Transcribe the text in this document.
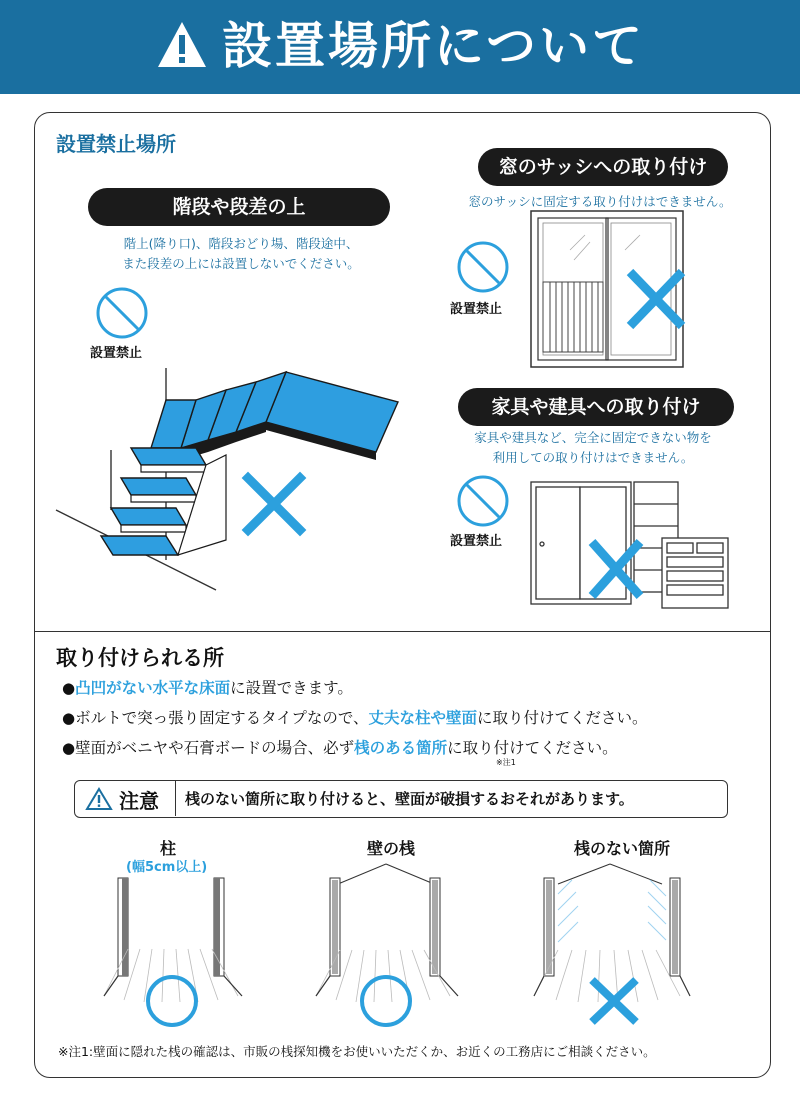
設置場所について
設置禁止場所
階段や段差の上
階上(降り口)、階段おどり場、階段途中、
また段差の上には設置しないでください。
設置禁止
窓のサッシへの取り付け
窓のサッシに固定する取り付けはできません。
設置禁止
家具や建具への取り付け
家具や建具など、完全に固定できない物を
利用しての取り付けはできません。
設置禁止
取り付けられる所
●凸凹がない水平な床面に設置できます。
●ボルトで突っ張り固定するタイプなので、丈夫な柱や壁面に取り付けてください。
●壁面がベニヤや石膏ボードの場合、必ず桟のある箇所に取り付けてください。
※注1
注意 桟のない箇所に取り付けると、壁面が破損するおそれがあります。
柱
(幅5cm以上)
壁の桟	桟のない箇所
※注1:壁面に隠れた桟の確認は、市販の桟探知機をお使いいただくか、お近くの工務店にご相談ください。
